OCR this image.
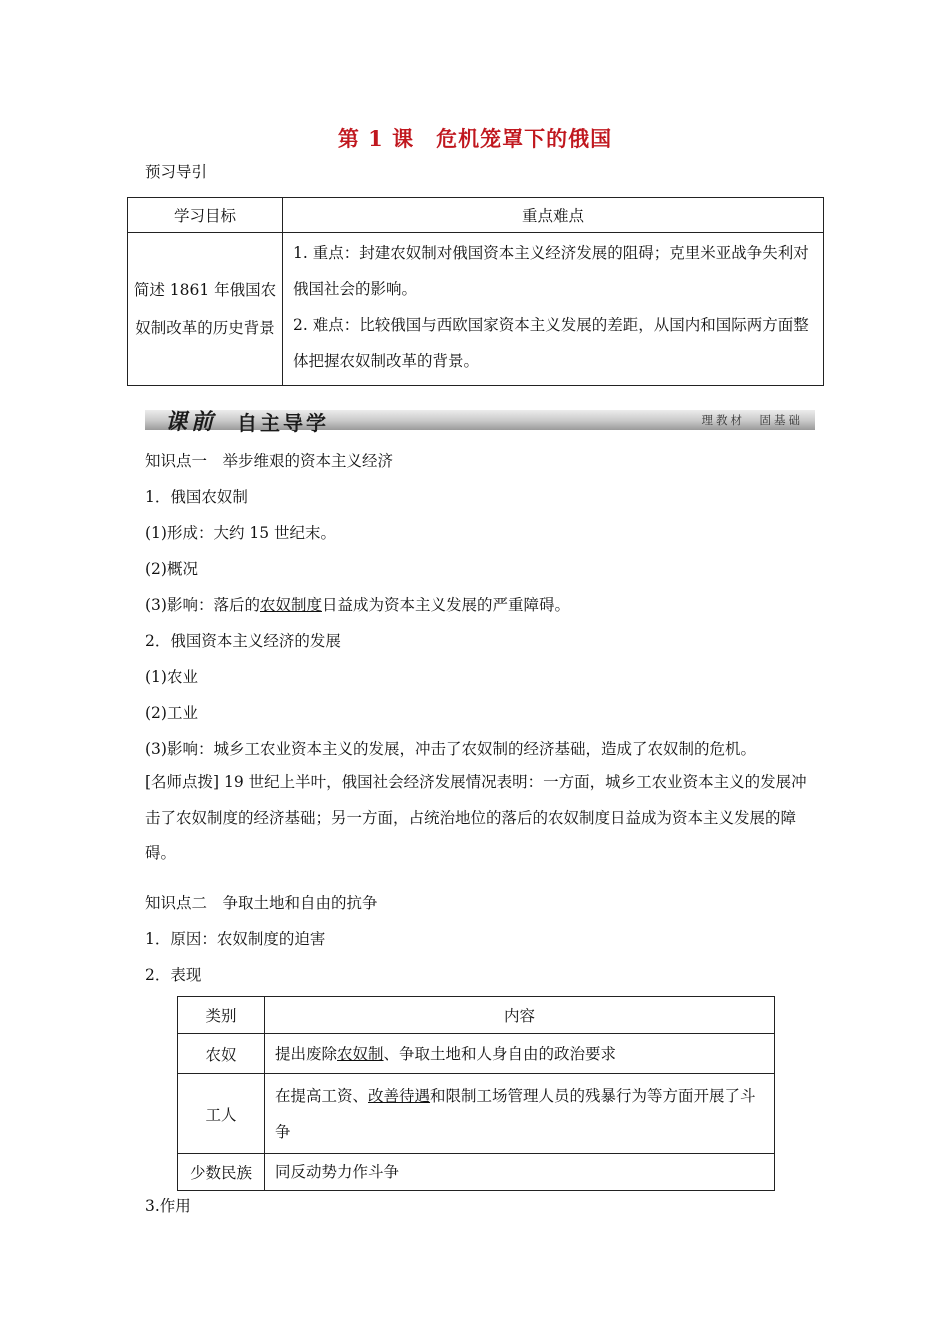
第 1 课　危机笼罩下的俄国
预习导引
学习目标	重点难点
简述 1861 年俄国农奴制改革的历史背景	1. 重点：封建农奴制对俄国资本主义经济发展的阻碍；克里米亚战争失利对俄国社会的影响。
2. 难点：比较俄国与西欧国家资本主义发展的差距，从国内和国际两方面整体把握农奴制改革的背景。
课前 自主导学	理教材　固基础
知识点一　举步维艰的资本主义经济
1．俄国农奴制
(1)形成：大约 15 世纪末。
(2)概况
(3)影响：落后的农奴制度日益成为资本主义发展的严重障碍。
2．俄国资本主义经济的发展
(1)农业
(2)工业
(3)影响：城乡工农业资本主义的发展，冲击了农奴制的经济基础，造成了农奴制的危机。
[名师点拨] 19 世纪上半叶，俄国社会经济发展情况表明：一方面，城乡工农业资本主义的发展冲击了农奴制度的经济基础；另一方面，占统治地位的落后的农奴制度日益成为资本主义发展的障碍。
知识点二　争取土地和自由的抗争
1．原因：农奴制度的迫害
2．表现
类别	内容
农奴	提出废除农奴制、争取土地和人身自由的政治要求
工人	在提高工资、改善待遇和限制工场管理人员的残暴行为等方面开展了斗争
少数民族	同反动势力作斗争
3.作用
